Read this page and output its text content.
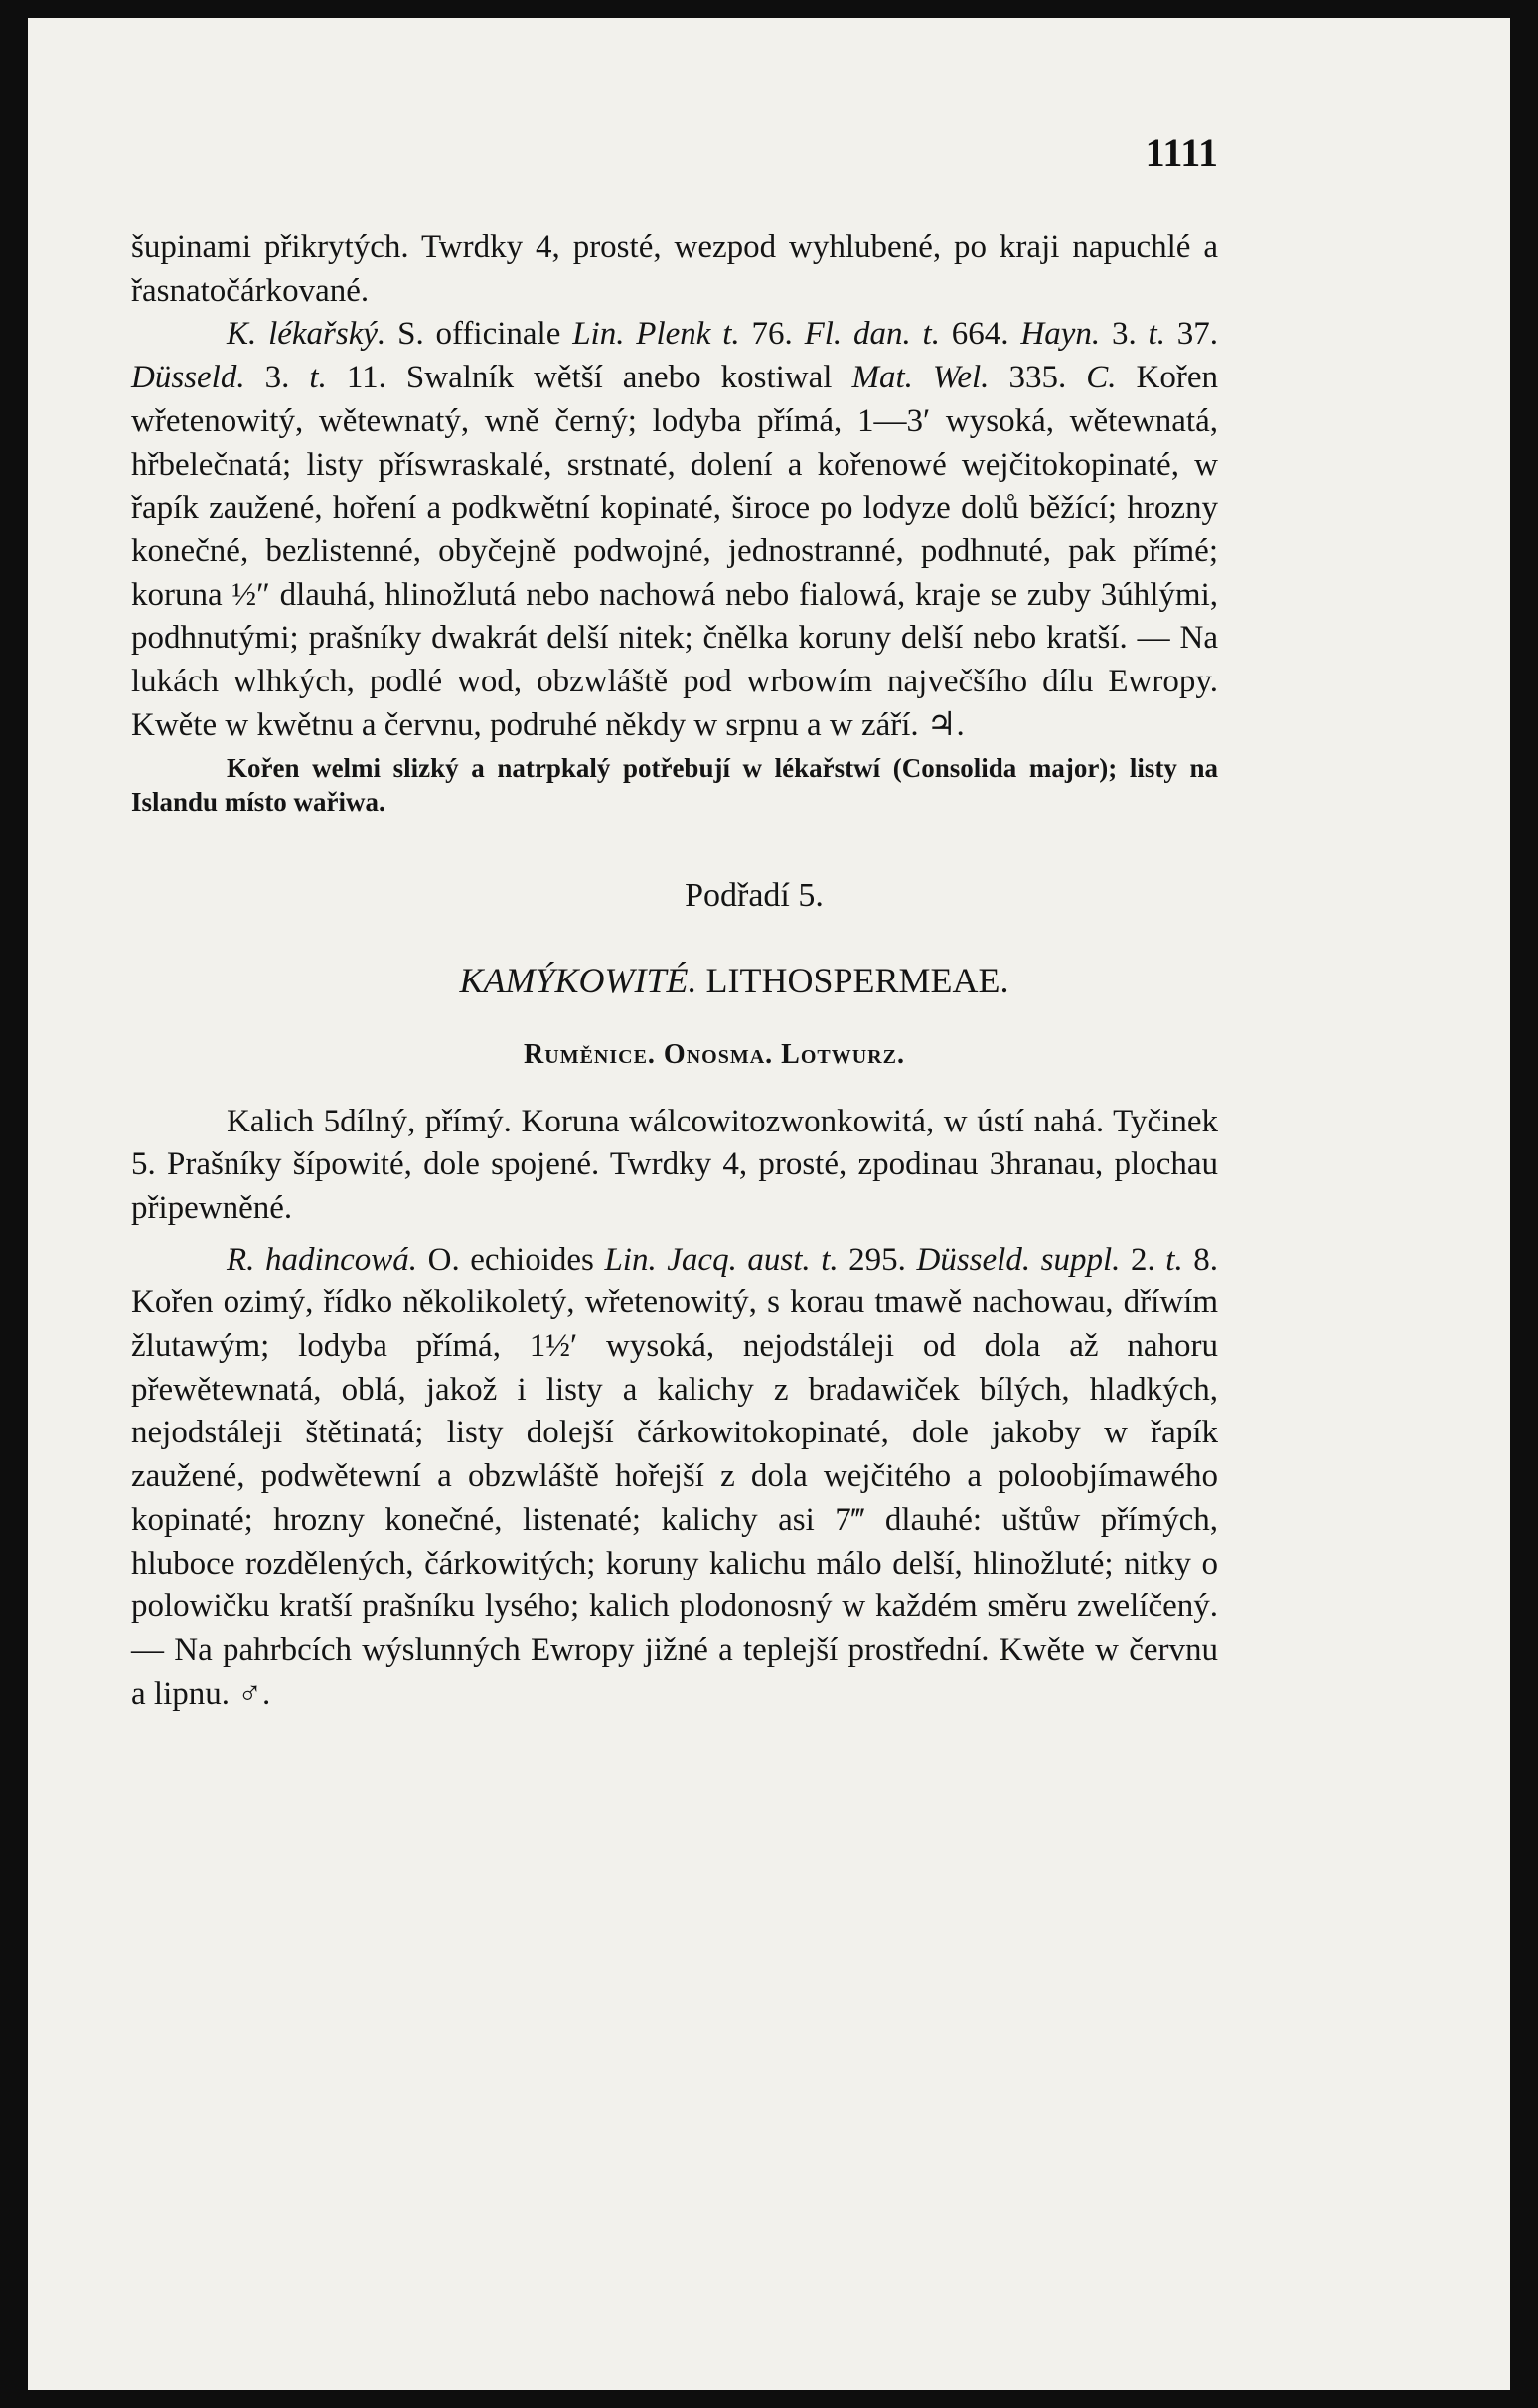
1111

šupinami přikrytých. Twrdky 4, prosté, wezpod wyhlubené, po kraji napuchlé a řasnatočárkované.

K. lékařský. S. officinale Lin. Plenk t. 76. Fl. dan. t. 664. Hayn. 3. t. 37. Düsseld. 3. t. 11. Swalník wětší anebo kostiwal Mat. Wel. 335. C. Kořen wřetenowitý, wětewnatý, wně černý; lodyba přímá, 1—3′ wysoká, wětewnatá, hřbelečnatá; listy příswraskalé, srstnaté, dolení a kořenowé wejčitokopinaté, w řapík zaužené, hoření a podkwětní kopinaté, široce po lodyze dolů běžící; hrozny konečné, bezlistenné, obyčejně podwojné, jednostranné, podhnuté, pak přímé; koruna ½″ dlauhá, hlinožlutá nebo nachowá nebo fialowá, kraje se zuby 3úhlými, podhnutými; prašníky dwakrát delší nitek; čnělka koruny delší nebo kratší. — Na lukách wlhkých, podlé wod, obzwláště pod wrbowím največšího dílu Ewropy. Kwěte w kwětnu a červnu, podruhé někdy w srpnu a w září. ♃.

Kořen welmi slizký a natrpkalý potřebují w lékařstwí (Consolida major); listy na Islandu místo wařiwa.

Podřadí 5.
KAMÝKOWITÉ. LITHOSPERMEAE.
Ruměnice. Onosma. Lotwurz.

Kalich 5dílný, přímý. Koruna wálcowitozwonkowitá, w ústí nahá. Tyčinek 5. Prašníky šípowité, dole spojené. Twrdky 4, prosté, zpodinau 3hranau, plochau připewněné.

R. hadincowá. O. echioides Lin. Jacq. aust. t. 295. Düsseld. suppl. 2. t. 8. Kořen ozimý, řídko několikoletý, wřetenowitý, s korau tmawě nachowau, dříwím žlutawým; lodyba přímá, 1½′ wysoká, nejodstáleji od dola až nahoru přewětewnatá, oblá, jakož i listy a kalichy z bradawiček bílých, hladkých, nejodstáleji štětinatá; listy dolejší čárkowitokopinaté, dole jakoby w řapík zaužené, podwětewní a obzwláště hořejší z dola wejčitého a poloobjímawého kopinaté; hrozny konečné, listenaté; kalichy asi 7‴ dlauhé: uštůw přímých, hluboce rozdělených, čárkowitých; koruny kalichu málo delší, hlinožluté; nitky o polowičku kratší prašníku lysého; kalich plodonosný w každém směru zwelíčený. — Na pahrbcích wýslunných Ewropy jižné a teplejší prostřední. Kwěte w červnu a lipnu. ♂.
